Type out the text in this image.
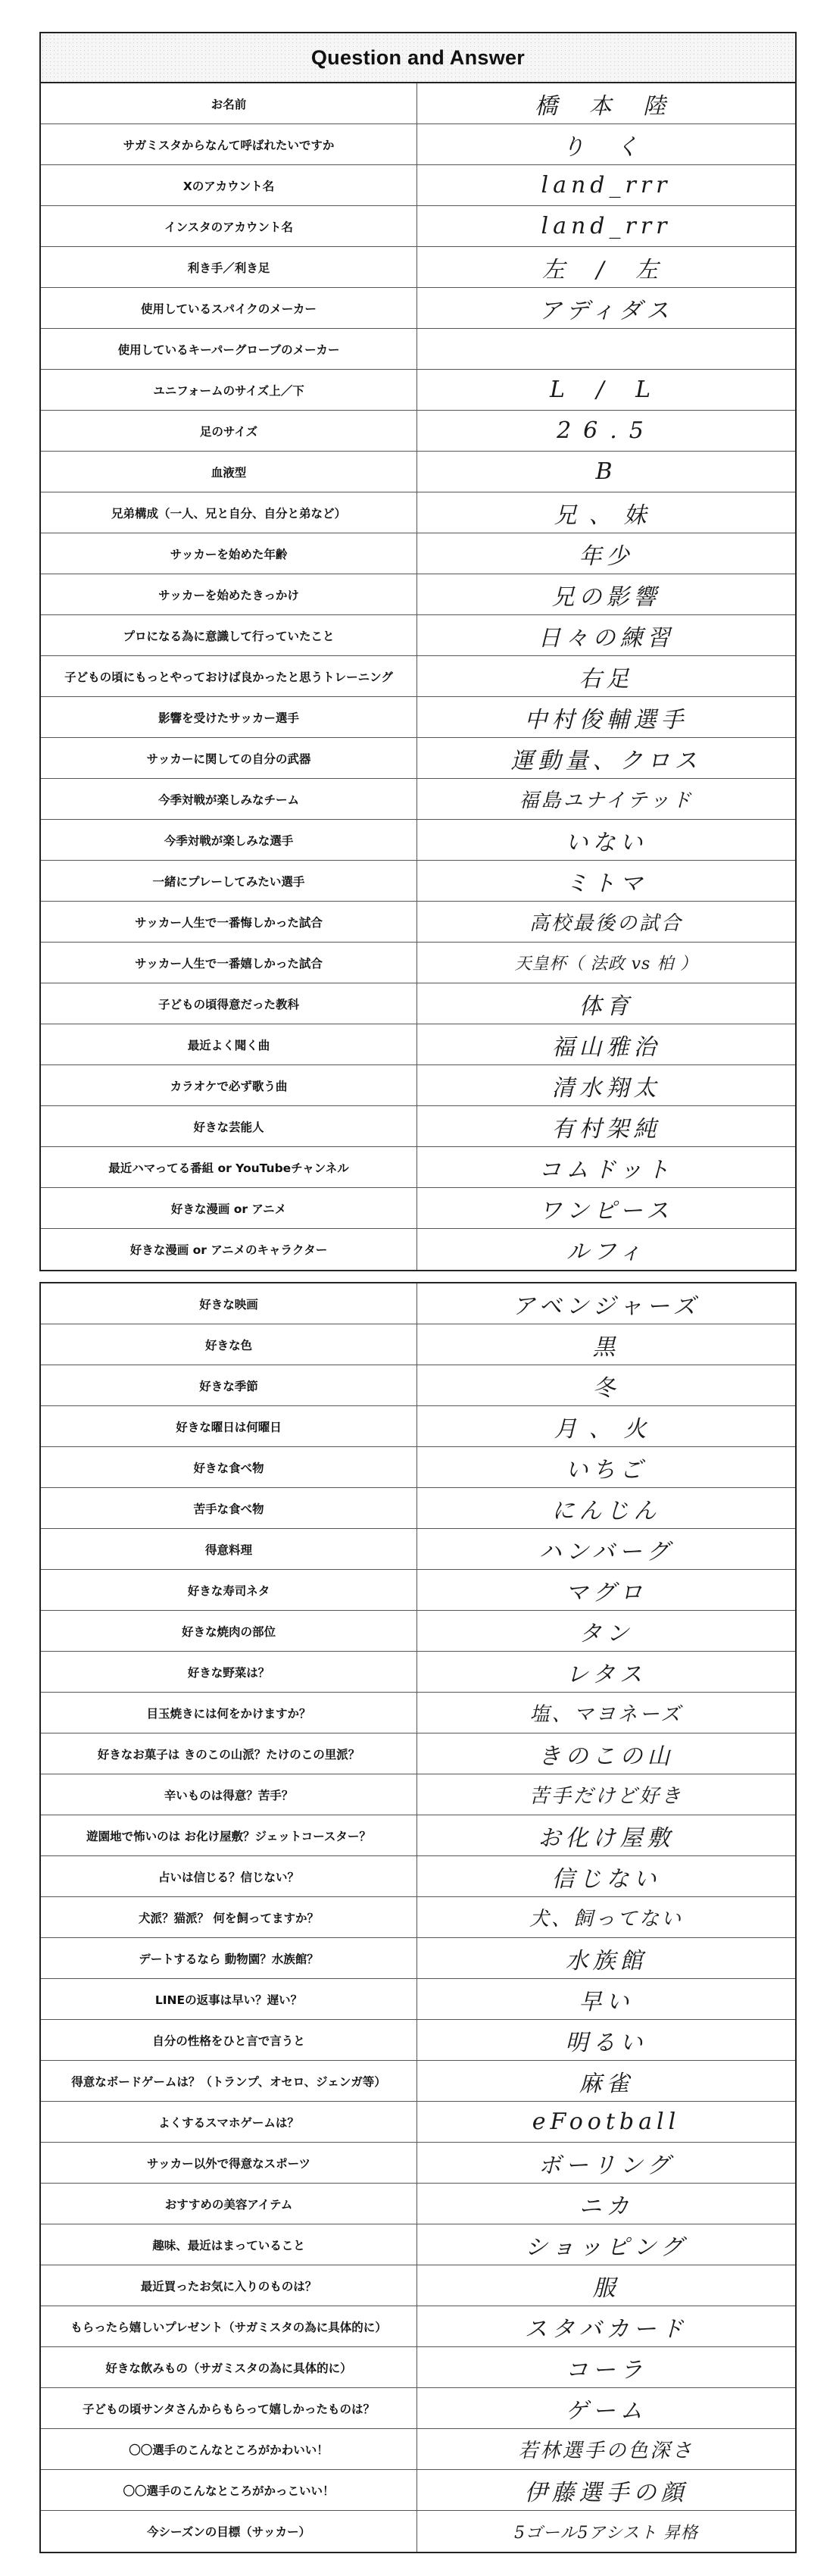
Question and Answer
お名前	橋 本 陸
サガミスタからなんて呼ばれたいですか	り く
Xのアカウント名	land_rrr
インスタのアカウント名	land_rrr
利き手／利き足	左 / 左
使用しているスパイクのメーカー	アディダス
使用しているキーパーグローブのメーカー
ユニフォームのサイズ上／下	L / L
足のサイズ	26.5
血液型	B
兄弟構成（一人、兄と自分、自分と弟など）	兄、妹
サッカーを始めた年齢	年少
サッカーを始めたきっかけ	兄の影響
プロになる為に意識して行っていたこと	日々の練習
子どもの頃にもっとやっておけば良かったと思うトレーニング	右足
影響を受けたサッカー選手	中村俊輔選手
サッカーに関しての自分の武器	運動量、クロス
今季対戦が楽しみなチーム	福島ユナイテッド
今季対戦が楽しみな選手	いない
一緒にプレーしてみたい選手	ミトマ
サッカー人生で一番悔しかった試合	高校最後の試合
サッカー人生で一番嬉しかった試合	天皇杯（ 法政 vs 柏 ）
子どもの頃得意だった教科	体育
最近よく聞く曲	福山雅治
カラオケで必ず歌う曲	清水翔太
好きな芸能人	有村架純
最近ハマってる番組 or YouTubeチャンネル	コムドット
好きな漫画 or アニメ	ワンピース
好きな漫画 or アニメのキャラクター	ルフィ
好きな映画	アベンジャーズ
好きな色	黒
好きな季節	冬
好きな曜日は何曜日	月、火
好きな食べ物	いちご
苦手な食べ物	にんじん
得意料理	ハンバーグ
好きな寿司ネタ	マグロ
好きな焼肉の部位	タン
好きな野菜は？	レタス
目玉焼きには何をかけますか？	塩、マヨネーズ
好きなお菓子は きのこの山派？たけのこの里派？	きのこの山
辛いものは得意？苦手？	苦手だけど好き
遊園地で怖いのは お化け屋敷？ジェットコースター？	お化け屋敷
占いは信じる？信じない？	信じない
犬派？猫派？ 何を飼ってますか？	犬、飼ってない
デートするなら 動物園？水族館？	水族館
LINEの返事は早い？遅い？	早い
自分の性格をひと言で言うと	明るい
得意なボードゲームは？（トランプ、オセロ、ジェンガ等）	麻雀
よくするスマホゲームは？	eFootball
サッカー以外で得意なスポーツ	ボーリング
おすすめの美容アイテム	ニカ
趣味、最近はまっていること	ショッピング
最近買ったお気に入りのものは？	服
もらったら嬉しいプレゼント（サガミスタの為に具体的に）	スタバカード
好きな飲みもの（サガミスタの為に具体的に）	コーラ
子どもの頃サンタさんからもらって嬉しかったものは？	ゲーム
〇〇選手のこんなところがかわいい！	若林選手の色深さ
〇〇選手のこんなところがかっこいい！	伊藤選手の顔
今シーズンの目標（サッカー）	5ゴール5アシスト 昇格
